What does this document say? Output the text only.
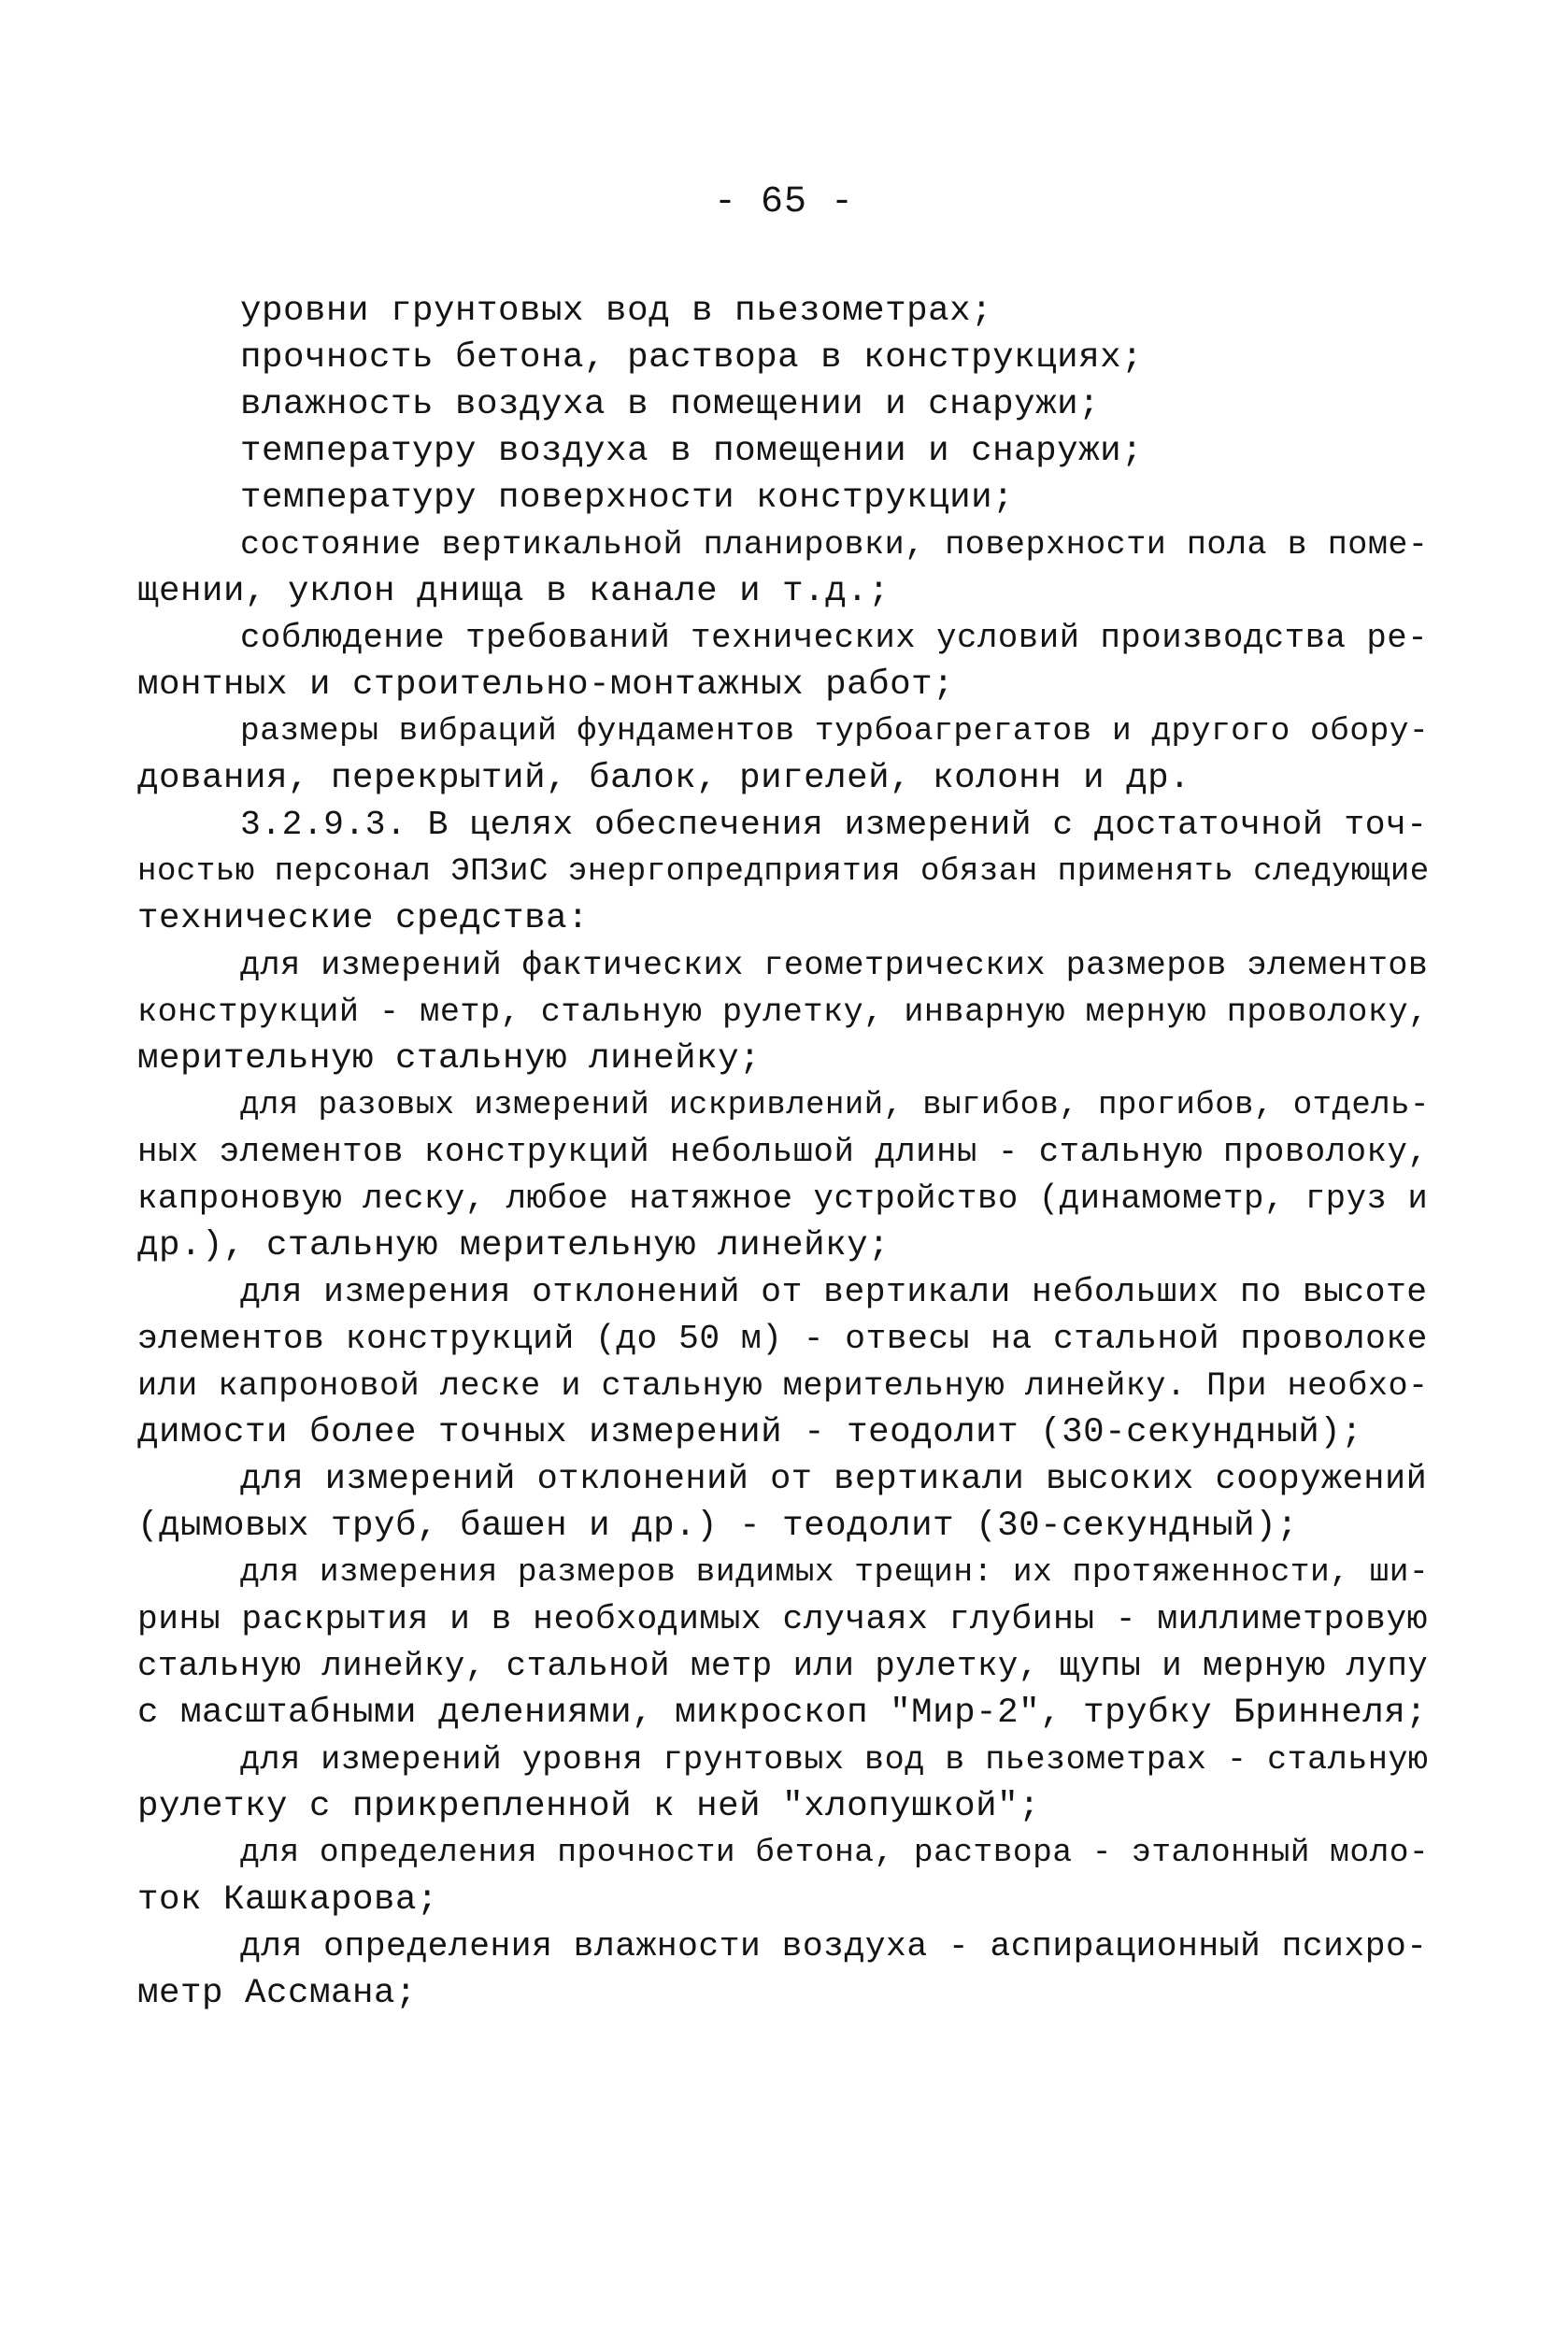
- 65 -
уровни грунтовых вод в пьезометрах;
прочность бетона, раствора в конструкциях;
влажность воздуха в помещении и снаружи;
температуру воздуха в помещении и снаружи;
температуру поверхности конструкции;
состояние вертикальной планировки, поверхности пола в поме-
щении, уклон днища в канале и т.д.;
соблюдение требований технических условий производства ре-
монтных и строительно-монтажных работ;
размеры вибраций фундаментов турбоагрегатов и другого обору-
дования, перекрытий, балок, ригелей, колонн и др.
3.2.9.3. В целях обеспечения измерений с достаточной точ-
ностью персонал ЭПЗиС энергопредприятия обязан применять следующие
технические средства:
для измерений фактических геометрических размеров элементов
конструкций - метр, стальную рулетку, инварную мерную проволоку,
мерительную стальную линейку;
для разовых измерений искривлений, выгибов, прогибов, отдель-
ных элементов конструкций небольшой длины - стальную проволоку,
капроновую леску, любое натяжное устройство (динамометр, груз и
др.), стальную мерительную линейку;
для измерения отклонений от вертикали небольших по высоте
элементов конструкций (до 50 м) - отвесы на стальной проволоке
или капроновой леске и стальную мерительную линейку. При необхо-
димости более точных измерений - теодолит (30-секундный);
для измерений отклонений от вертикали высоких сооружений
(дымовых труб, башен и др.) - теодолит (30-секундный);
для измерения размеров видимых трещин: их протяженности, ши-
рины раскрытия и в необходимых случаях глубины - миллиметровую
стальную линейку, стальной метр или рулетку, щупы и мерную лупу
с масштабными делениями, микроскоп "Мир-2", трубку Бриннеля;
для измерений уровня грунтовых вод в пьезометрах - стальную
рулетку с прикрепленной к ней "хлопушкой";
для определения прочности бетона, раствора - эталонный моло-
ток Кашкарова;
для определения влажности воздуха - аспирационный психро-
метр Ассмана;
